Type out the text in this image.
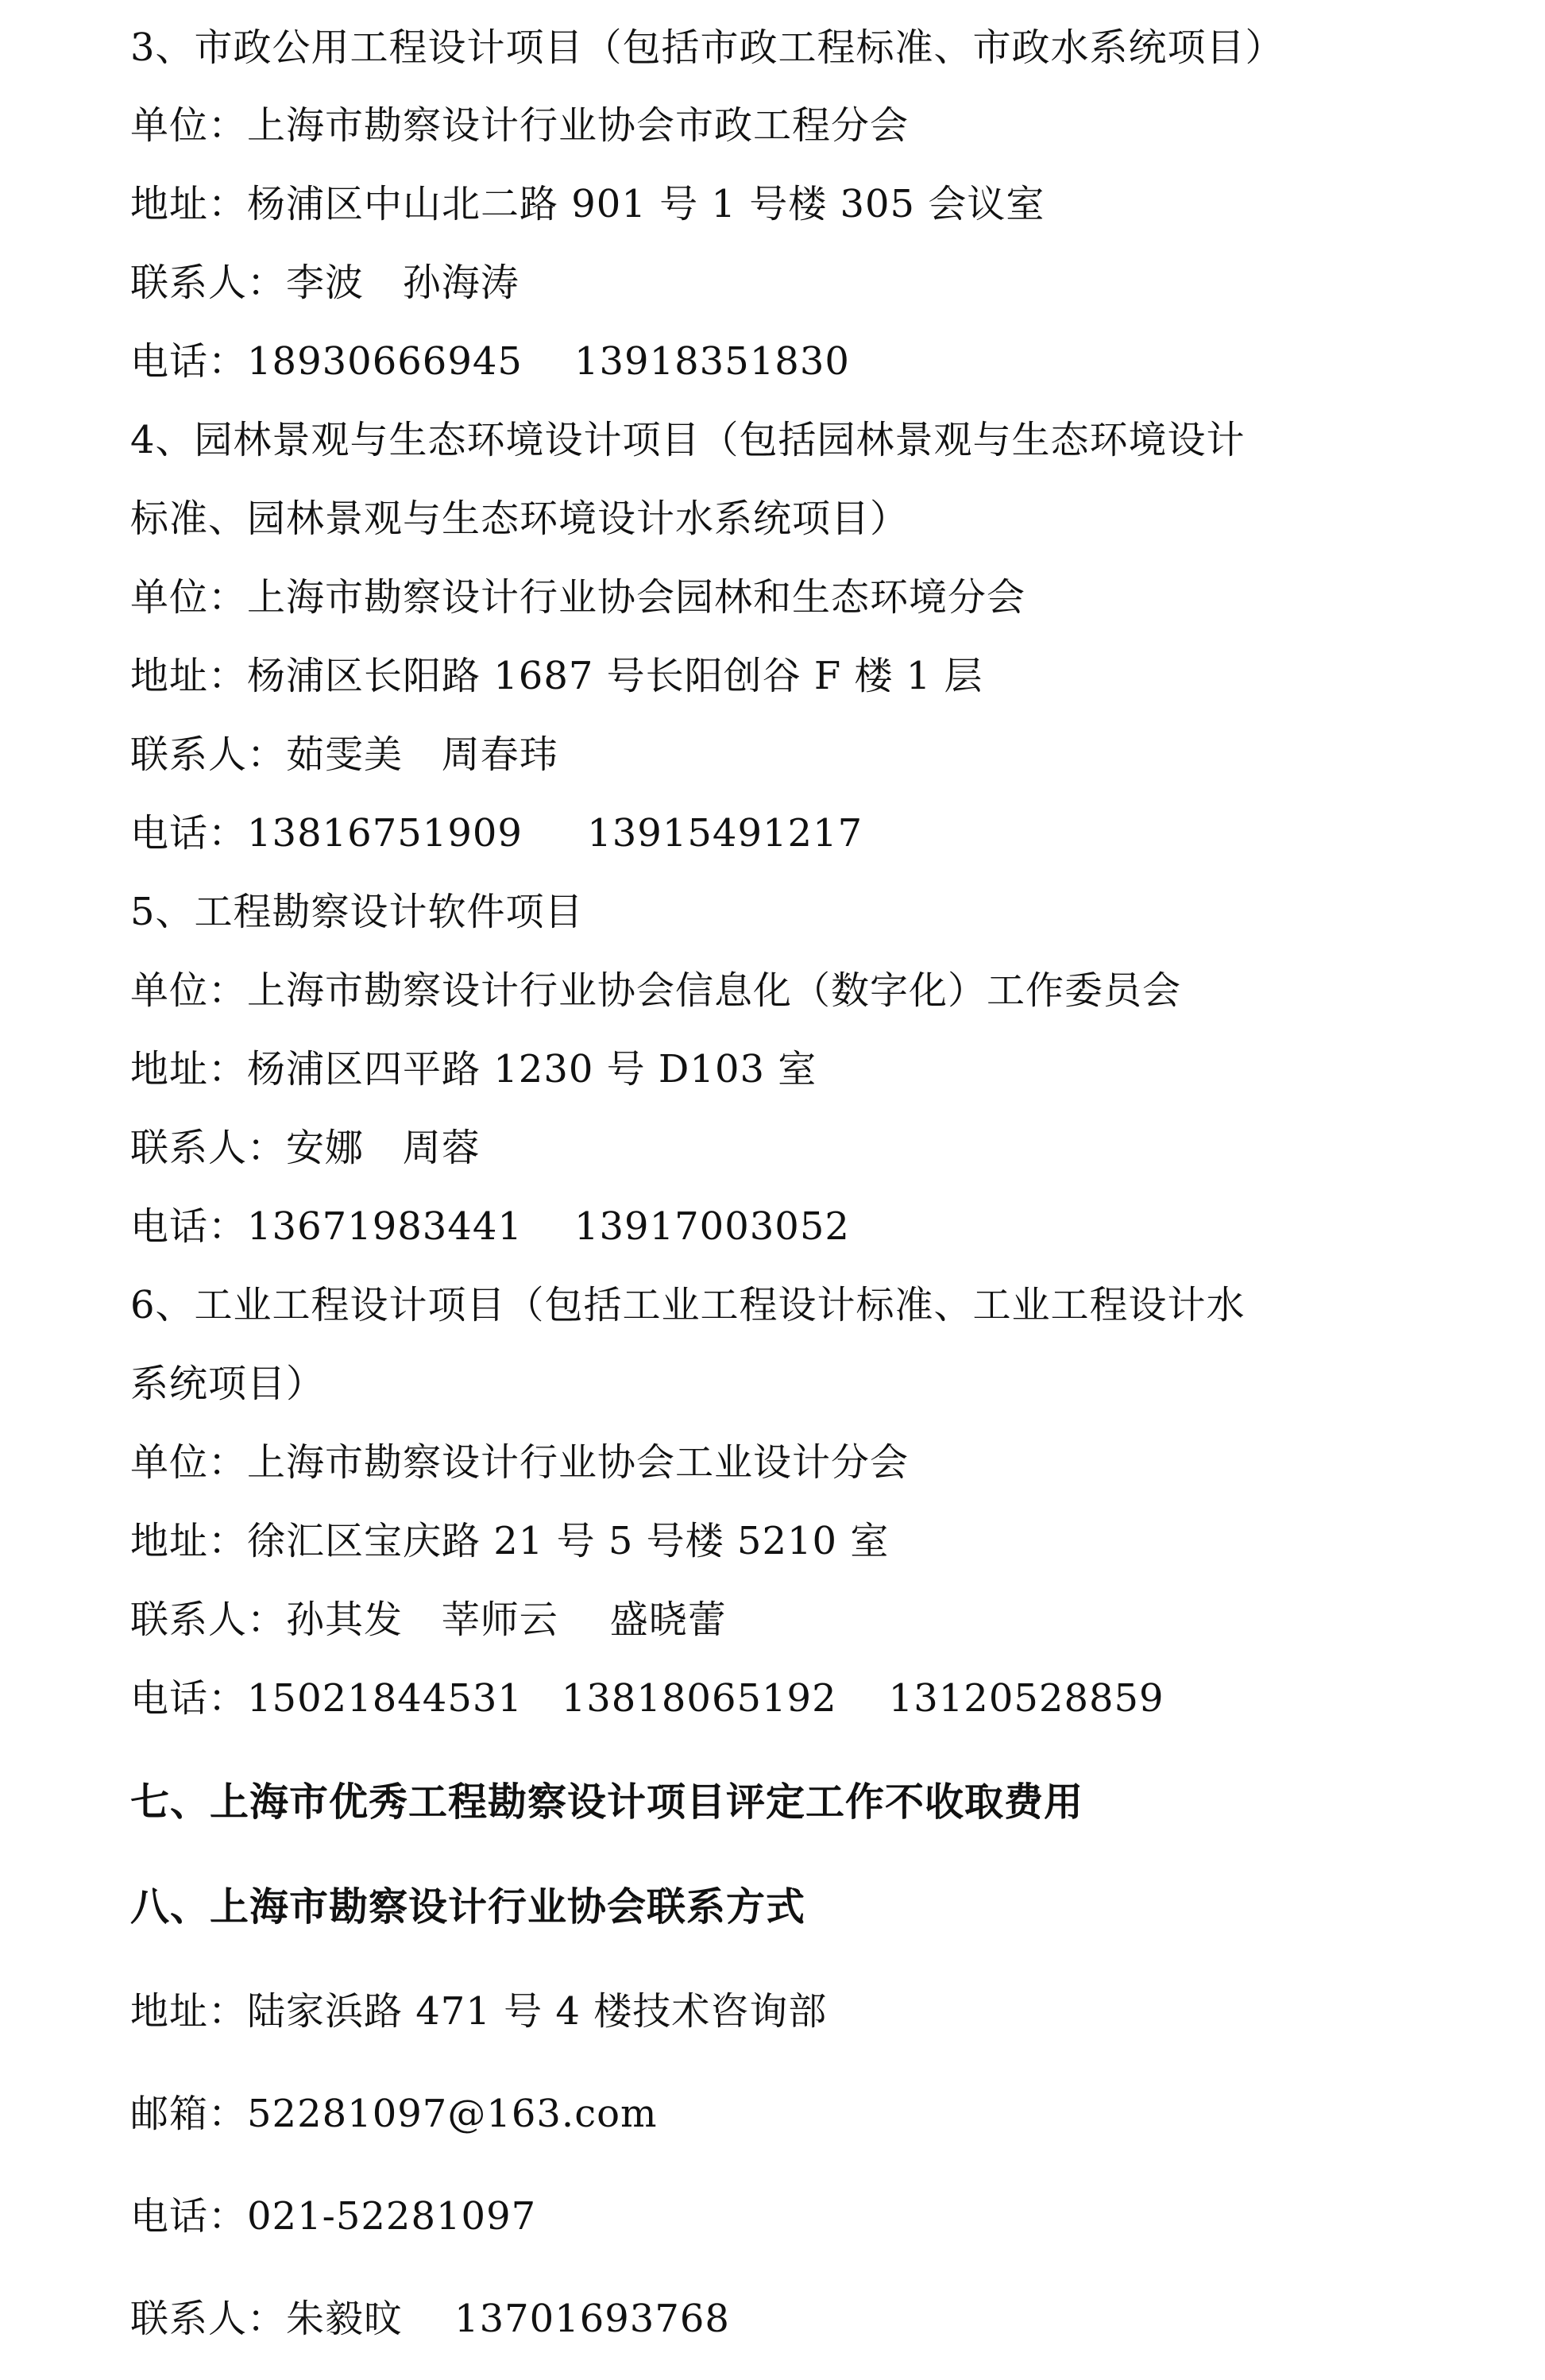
3、市政公用工程设计项目（包括市政工程标准、市政水系统项目）
单位：上海市勘察设计行业协会市政工程分会
地址：杨浦区中山北二路 901 号 1 号楼 305 会议室
联系人：李波   孙海涛
电话：18930666945    13918351830
4、园林景观与生态环境设计项目（包括园林景观与生态环境设计
标准、园林景观与生态环境设计水系统项目）
单位：上海市勘察设计行业协会园林和生态环境分会
地址：杨浦区长阳路 1687 号长阳创谷 F 楼 1 层
联系人：茹雯美   周春玮
电话：13816751909     13915491217
5、工程勘察设计软件项目
单位：上海市勘察设计行业协会信息化（数字化）工作委员会
地址：杨浦区四平路 1230 号 D103 室
联系人：安娜   周蓉
电话：13671983441    13917003052
6、工业工程设计项目（包括工业工程设计标准、工业工程设计水
系统项目）
单位：上海市勘察设计行业协会工业设计分会
地址：徐汇区宝庆路 21 号 5 号楼 5210 室
联系人：孙其发   莘师云    盛晓蕾
电话：15021844531   13818065192    13120528859
七、上海市优秀工程勘察设计项目评定工作不收取费用
八、上海市勘察设计行业协会联系方式
地址：陆家浜路 471 号 4 楼技术咨询部
邮箱：52281097@163.com
电话：021-52281097
联系人：朱毅旼    13701693768
